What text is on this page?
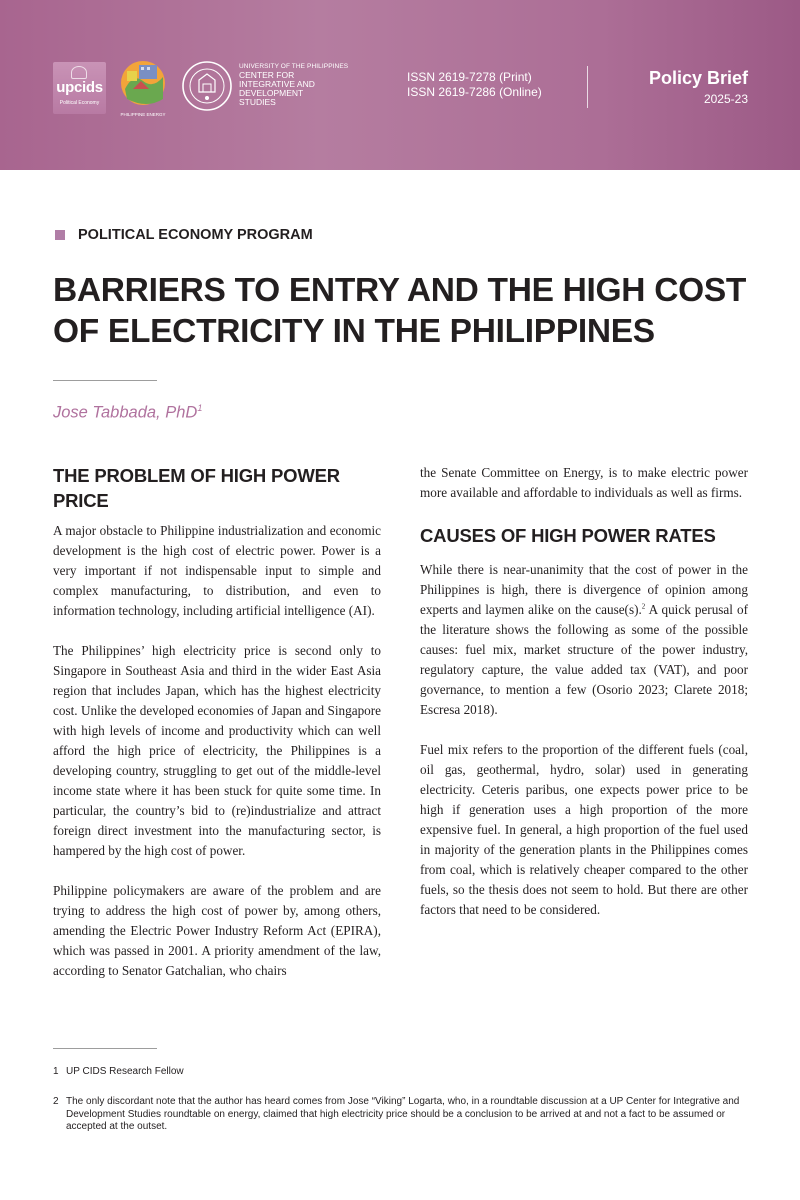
upcids
Political Economy
PHILIPPINE ENERGY
UNIVERSITY OF THE PHILIPPINES
CENTER FOR
INTEGRATIVE AND
DEVELOPMENT
STUDIES
ISSN 2619-7278 (Print)
ISSN 2619-7286 (Online)
Policy Brief
2025-23
POLITICAL ECONOMY PROGRAM
BARRIERS TO ENTRY AND THE HIGH COST
OF ELECTRICITY IN THE PHILIPPINES
Jose Tabbada, PhD$^1$
THE PROBLEM OF HIGH POWER
PRICE

A major obstacle to Philippine industrialization and economic development is the high cost of electric power. Power is a very important if not indispensable input to simple and complex manufacturing, to distribution, and even to information technology, including artificial intelligence (AI).

The Philippines’ high electricity price is second only to Singapore in Southeast Asia and third in the wider East Asia region that includes Japan, which has the highest electricity cost. Unlike the developed economies of Japan and Singapore with high levels of income and productivity which can well afford the high price of electricity, the Philippines is a developing country, struggling to get out of the middle-level income state where it has been stuck for quite some time. In particular, the country’s bid to (re)industrialize and attract foreign direct investment into the manufacturing sector, is hampered by the high cost of power.

Philippine policymakers are aware of the problem and are trying to address the high cost of power by, among others, amending the Electric Power Industry Reform Act (EPIRA), which was passed in 2001. A priority amendment of the law, according to Senator Gatchalian, who chairs

the Senate Committee on Energy, is to make electric power more available and affordable to individuals as well as firms.

CAUSES OF HIGH POWER RATES

While there is near-unanimity that the cost of power in the Philippines is high, there is divergence of opinion among experts and laymen alike on the cause(s).$^2$ A quick perusal of the literature shows the following as some of the possible causes: fuel mix, market structure of the power industry, regulatory capture, the value added tax (VAT), and poor governance, to mention a few (Osorio 2023; Clarete 2018; Escresa 2018).

Fuel mix refers to the proportion of the different fuels (coal, oil gas, geothermal, hydro, solar) used in generating electricity. Ceteris paribus, one expects power price to be high if generation uses a high proportion of the more expensive fuel. In general, a high proportion of the fuel used in majority of the generation plants in the Philippines comes from coal, which is relatively cheaper compared to the other fuels, so the thesis does not seem to hold. But there are other factors that need to be considered.

1 UP CIDS Research Fellow
2 The only discordant note that the author has heard comes from Jose “Viking” Logarta, who, in a roundtable discussion at a UP Center for Integrative and Development Studies roundtable on energy, claimed that high electricity price should be a conclusion to be arrived at and not a fact to be assumed or accepted at the outset.
